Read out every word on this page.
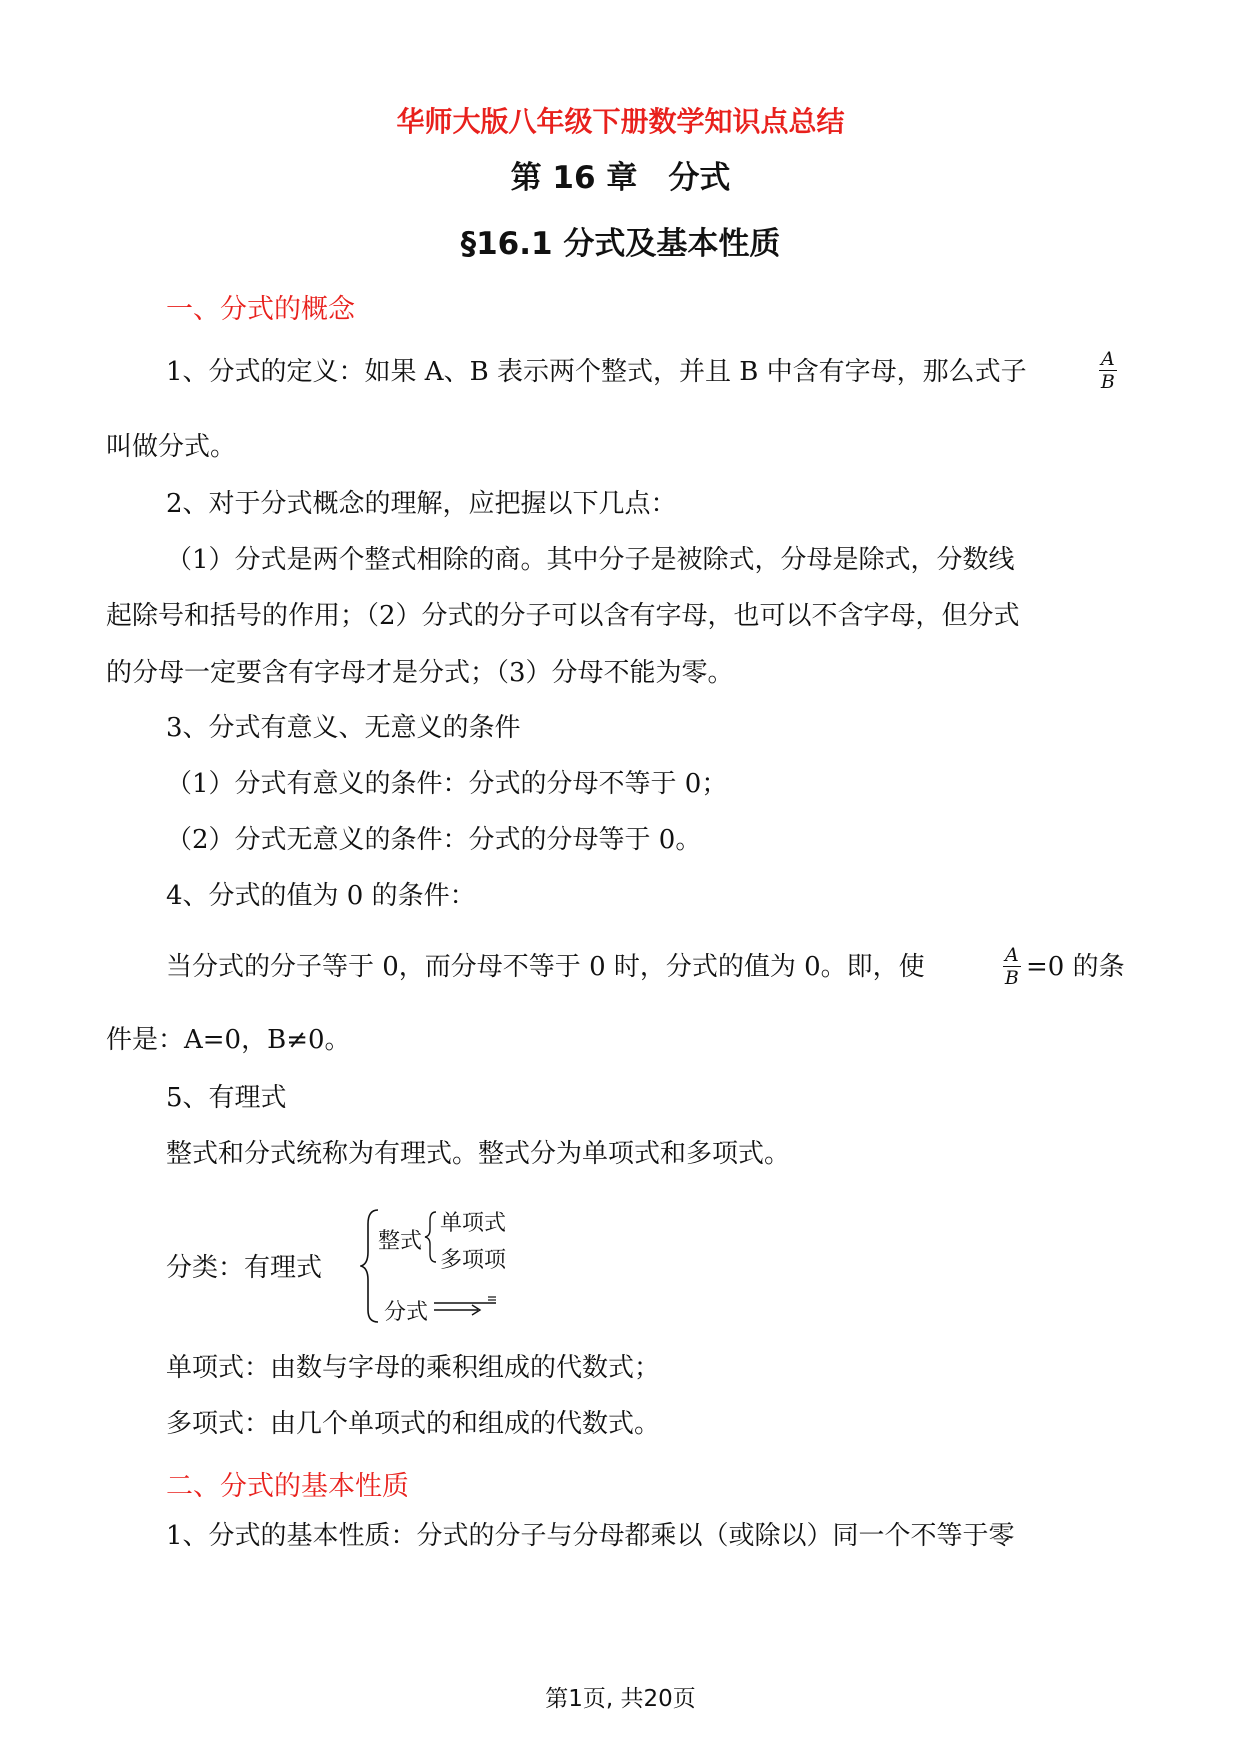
华师大版八年级下册数学知识点总结
第 16 章　分式
§16.1 分式及基本性质
一、分式的概念
1、分式的定义：如果 A、B 表示两个整式，并且 B 中含有字母，那么式子	$\frac{A}{B}$
叫做分式。
2、对于分式概念的理解，应把握以下几点：
（1）分式是两个整式相除的商。其中分子是被除式，分母是除式，分数线
起除号和括号的作用；（2）分式的分子可以含有字母，也可以不含字母，但分式
的分母一定要含有字母才是分式；（3）分母不能为零。
3、分式有意义、无意义的条件
（1）分式有意义的条件：分式的分母不等于 0；
（2）分式无意义的条件：分式的分母等于 0。
4、分式的值为 0 的条件：
当分式的分子等于 0，而分母不等于 0 时，分式的值为 0。即，使	$\frac{A}{B} =0$ 的条
件是：A=0，B≠0。
5、有理式
整式和分式统称为有理式。整式分为单项式和多项式。
分类：有理式
整式
单项式
多项项
分式
单项式：由数与字母的乘积组成的代数式；
多项式：由几个单项式的和组成的代数式。
二、分式的基本性质
1、分式的基本性质：分式的分子与分母都乘以（或除以）同一个不等于零
第1页, 共20页
